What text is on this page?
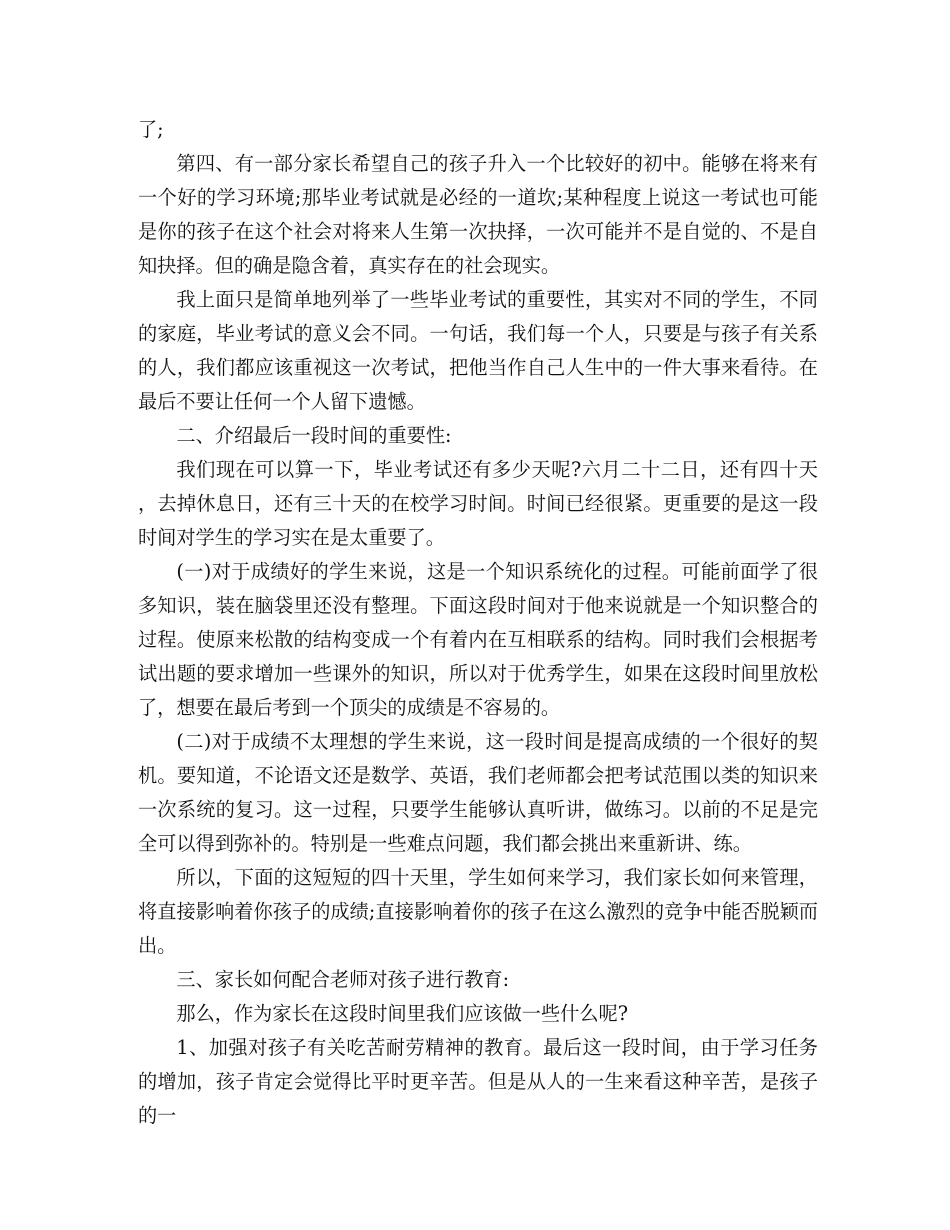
了;

第四、有一部分家长希望自己的孩子升入一个比较好的初中。能够在将来有一个好的学习环境;那毕业考试就是必经的一道坎;某种程度上说这一考试也可能是你的孩子在这个社会对将来人生第一次抉择，一次可能并不是自觉的、不是自知抉择。但的确是隐含着，真实存在的社会现实。

我上面只是简单地列举了一些毕业考试的重要性，其实对不同的学生，不同的家庭，毕业考试的意义会不同。一句话，我们每一个人，只要是与孩子有关系的人，我们都应该重视这一次考试，把他当作自己人生中的一件大事来看待。在最后不要让任何一个人留下遗憾。

二、介绍最后一段时间的重要性:

我们现在可以算一下，毕业考试还有多少天呢?六月二十二日，还有四十天，去掉休息日，还有三十天的在校学习时间。时间已经很紧。更重要的是这一段时间对学生的学习实在是太重要了。

(一)对于成绩好的学生来说，这是一个知识系统化的过程。可能前面学了很多知识，装在脑袋里还没有整理。下面这段时间对于他来说就是一个知识整合的过程。使原来松散的结构变成一个有着内在互相联系的结构。同时我们会根据考试出题的要求增加一些课外的知识，所以对于优秀学生，如果在这段时间里放松了，想要在最后考到一个顶尖的成绩是不容易的。

(二)对于成绩不太理想的学生来说，这一段时间是提高成绩的一个很好的契机。要知道，不论语文还是数学、英语，我们老师都会把考试范围以类的知识来一次系统的复习。这一过程，只要学生能够认真听讲，做练习。以前的不足是完全可以得到弥补的。特别是一些难点问题，我们都会挑出来重新讲、练。

所以，下面的这短短的四十天里，学生如何来学习，我们家长如何来管理，将直接影响着你孩子的成绩;直接影响着你的孩子在这么激烈的竞争中能否脱颖而出。

三、家长如何配合老师对孩子进行教育:

那么，作为家长在这段时间里我们应该做一些什么呢?

1、加强对孩子有关吃苦耐劳精神的教育。最后这一段时间，由于学习任务的增加，孩子肯定会觉得比平时更辛苦。但是从人的一生来看这种辛苦，是孩子的一
